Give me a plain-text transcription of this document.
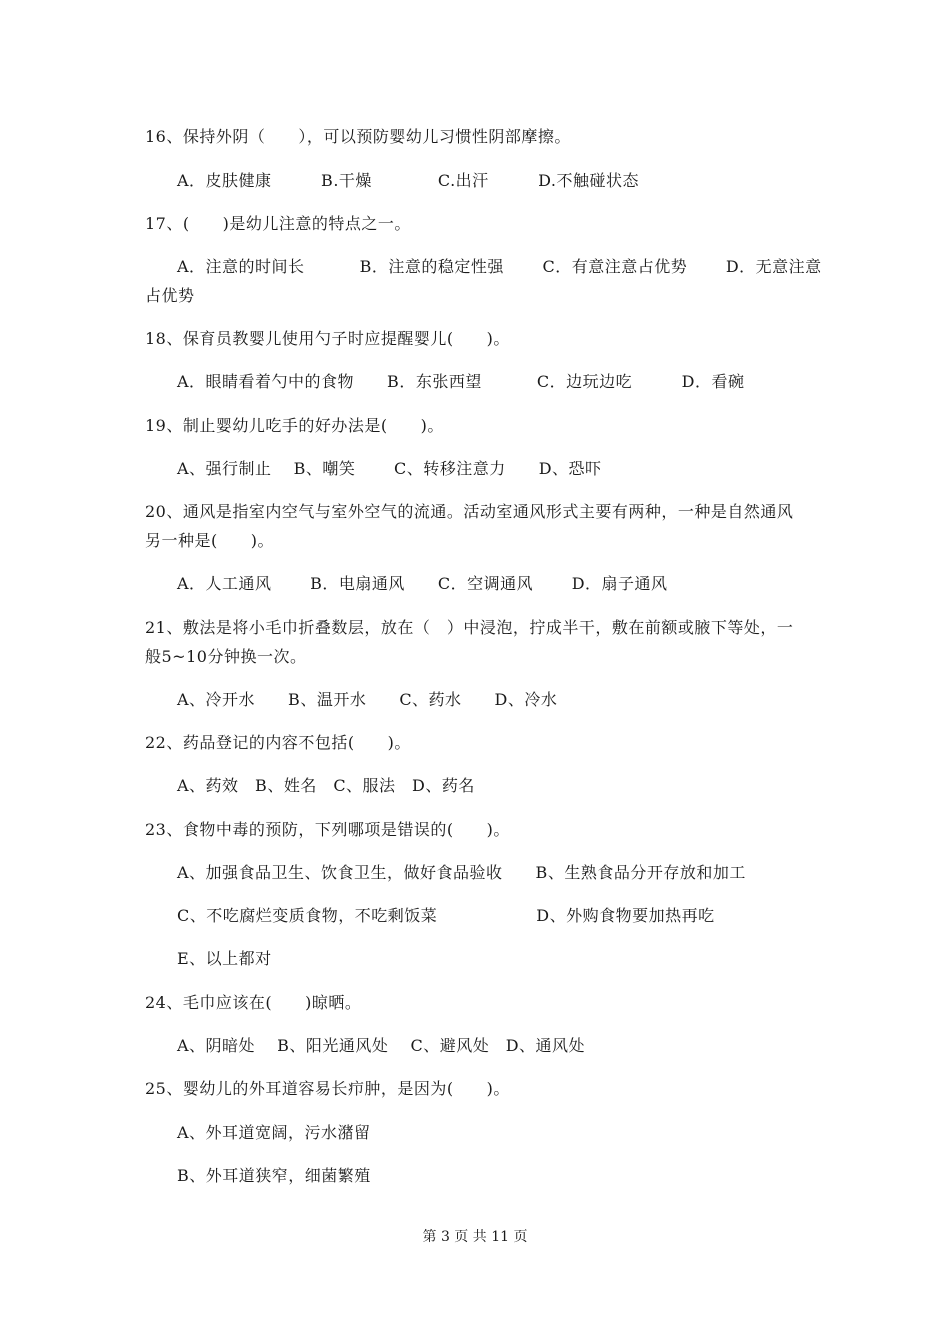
16、保持外阴（　　），可以预防婴幼儿习惯性阴部摩擦。
A．皮肤健康　　　B.干燥　　　　C.出汗　　　D.不触碰状态
17、(　　)是幼儿注意的特点之一。
A．注意的时间长　　　 B．注意的稳定性强　　 C．有意注意占优势　　 D．无意注意
占优势
18、保育员教婴儿使用勺子时应提醒婴儿(　　)。
A．眼睛看着勺中的食物　　B．东张西望　　　 C．边玩边吃　　　D．看碗
19、制止婴幼儿吃手的好办法是(　　)。
A、强行制止　 B、嘲笑　　 C、转移注意力　　D、恐吓
20、通风是指室内空气与室外空气的流通。活动室通风形式主要有两种，一种是自然通风
另一种是(　　)。
A．人工通风　　 B．电扇通风　　C．空调通风　　 D．扇子通风
21、敷法是将小毛巾折叠数层，放在（　）中浸泡，拧成半干，敷在前额或腋下等处，一
般5~10分钟换一次。
A、冷开水　　B、温开水　　C、药水　　D、冷水
22、药品登记的内容不包括(　　)。
A、药效　B、姓名　C、服法　D、药名
23、食物中毒的预防，下列哪项是错误的(　　)。
A、加强食品卫生、饮食卫生，做好食品验收　　B、生熟食品分开存放和加工
C、不吃腐烂变质食物，不吃剩饭菜　　　　　　D、外购食物要加热再吃
E、以上都对
24、毛巾应该在(　　)晾晒。
A、阴暗处　 B、阳光通风处　 C、避风处　D、通风处
25、婴幼儿的外耳道容易长疖肿，是因为(　　)。
A、外耳道宽阔，污水潴留
B、外耳道狭窄，细菌繁殖
第 3 页 共 11 页
